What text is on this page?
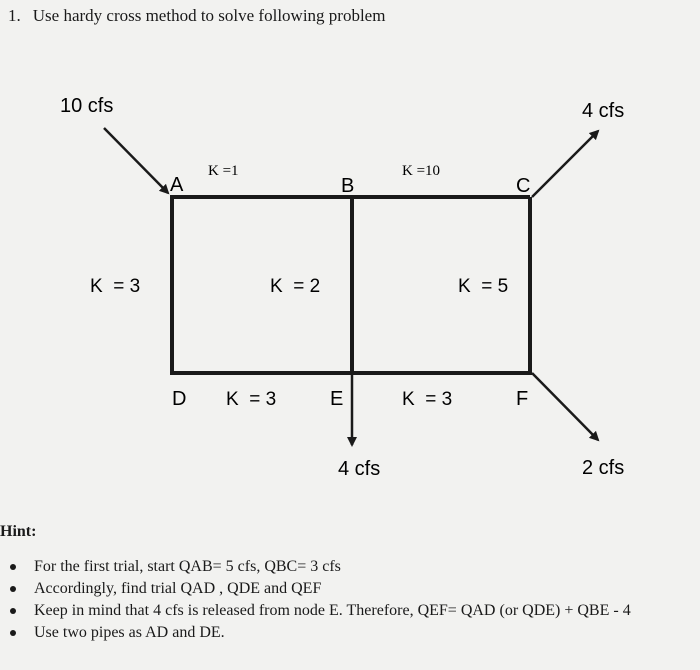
1. Use hardy cross method to solve following problem
10 cfs	4 cfs
4 cfs	2 cfs
A	B	C
D	E	F
K =1	K =10
K  = 3	K  = 2	K  = 5
K  = 3	K  = 3
Hint:
For the first trial, start QAB= 5 cfs, QBC= 3 cfs
Accordingly, find trial QAD , QDE and QEF
Keep in mind that 4 cfs is released from node E. Therefore, QEF= QAD (or QDE) + QBE - 4
Use two pipes as AD and DE.
